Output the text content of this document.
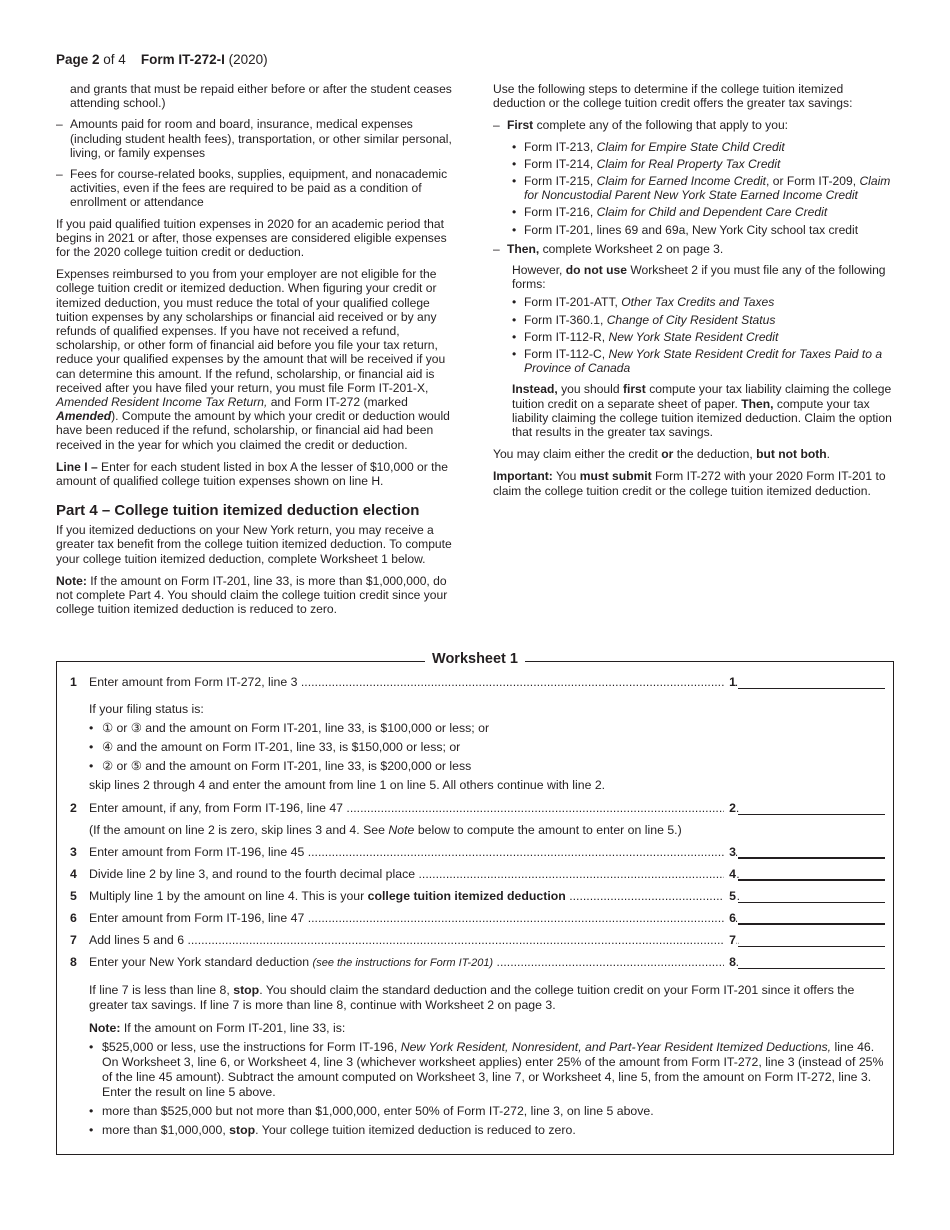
Page 2 of 4 Form IT-272-I (2020)
and grants that must be repaid either before or after the student ceases attending school.)
– Amounts paid for room and board, insurance, medical expenses (including student health fees), transportation, or other similar personal, living, or family expenses
– Fees for course-related books, supplies, equipment, and nonacademic activities, even if the fees are required to be paid as a condition of enrollment or attendance

If you paid qualified tuition expenses in 2020 for an academic period that begins in 2021 or after, those expenses are considered eligible expenses for the 2020 college tuition credit or deduction.

Expenses reimbursed to you from your employer are not eligible for the college tuition credit or itemized deduction. When figuring your credit or itemized deduction, you must reduce the total of your qualified college tuition expenses by any scholarships or financial aid received or by any refunds of qualified expenses. If you have not received a refund, scholarship, or other form of financial aid before you file your tax return, reduce your qualified expenses by the amount that will be received if you can determine this amount. If the refund, scholarship, or financial aid is received after you have filed your return, you must file Form IT-201-X, Amended Resident Income Tax Return, and Form IT-272 (marked Amended). Compute the amount by which your credit or deduction would have been reduced if the refund, scholarship, or financial aid had been received in the year for which you claimed the credit or deduction.

Line I – Enter for each student listed in box A the lesser of $10,000 or the amount of qualified college tuition expenses shown on line H.

Part 4 – College tuition itemized deduction election

If you itemized deductions on your New York return, you may receive a greater tax benefit from the college tuition itemized deduction. To compute your college tuition itemized deduction, complete Worksheet 1 below.

Note: If the amount on Form IT-201, line 33, is more than $1,000,000, do not complete Part 4. You should claim the college tuition credit since your college tuition itemized deduction is reduced to zero.

Use the following steps to determine if the college tuition itemized deduction or the college tuition credit offers the greater tax savings:

– First complete any of the following that apply to you:
• Form IT-213, Claim for Empire State Child Credit
• Form IT-214, Claim for Real Property Tax Credit
• Form IT-215, Claim for Earned Income Credit, or Form IT-209, Claim for Noncustodial Parent New York State Earned Income Credit
• Form IT-216, Claim for Child and Dependent Care Credit
• Form IT-201, lines 69 and 69a, New York City school tax credit
– Then, complete Worksheet 2 on page 3.

However, do not use Worksheet 2 if you must file any of the following forms:

• Form IT-201-ATT, Other Tax Credits and Taxes
• Form IT-360.1, Change of City Resident Status
• Form IT-112-R, New York State Resident Credit
• Form IT-112-C, New York State Resident Credit for Taxes Paid to a Province of Canada

Instead, you should first compute your tax liability claiming the college tuition credit on a separate sheet of paper. Then, compute your tax liability claiming the college tuition itemized deduction. Claim the option that results in the greater tax savings.

You may claim either the credit or the deduction, but not both.

Important: You must submit Form IT-272 with your 2020 Form IT-201 to claim the college tuition credit or the college tuition itemized deduction.

Worksheet 1
1 Enter amount from Form IT-272, line 3 .....	1
If your filing status is:
• ① or ③ and the amount on Form IT-201, line 33, is $100,000 or less; or
• ④ and the amount on Form IT-201, line 33, is $150,000 or less; or
• ② or ⑤ and the amount on Form IT-201, line 33, is $200,000 or less
skip lines 2 through 4 and enter the amount from line 1 on line 5. All others continue with line 2.
2 Enter amount, if any, from Form IT-196, line 47 .....	2
(If the amount on line 2 is zero, skip lines 3 and 4. See Note below to compute the amount to enter on line 5.)
3 Enter amount from Form IT-196, line 45 .....	3
4 Divide line 2 by line 3, and round to the fourth decimal place .....	4
5 Multiply line 1 by the amount on line 4. This is your college tuition itemized deduction .....	5
6 Enter amount from Form IT-196, line 47 .....	6
7 Add lines 5 and 6 .....	7
8 Enter your New York standard deduction (see the instructions for Form IT-201) .....	8
If line 7 is less than line 8, stop. You should claim the standard deduction and the college tuition credit on your Form IT-201 since it offers the greater tax savings. If line 7 is more than line 8, continue with Worksheet 2 on page 3.
Note: If the amount on Form IT-201, line 33, is:
• $525,000 or less, use the instructions for Form IT-196, New York Resident, Nonresident, and Part-Year Resident Itemized Deductions, line 46. On Worksheet 3, line 6, or Worksheet 4, line 3 (whichever worksheet applies) enter 25% of the amount from Form IT-272, line 3 (instead of 25% of the line 45 amount). Subtract the amount computed on Worksheet 3, line 7, or Worksheet 4, line 5, from the amount on Form IT-272, line 3. Enter the result on line 5 above.
• more than $525,000 but not more than $1,000,000, enter 50% of Form IT-272, line 3, on line 5 above.
• more than $1,000,000, stop. Your college tuition itemized deduction is reduced to zero.
